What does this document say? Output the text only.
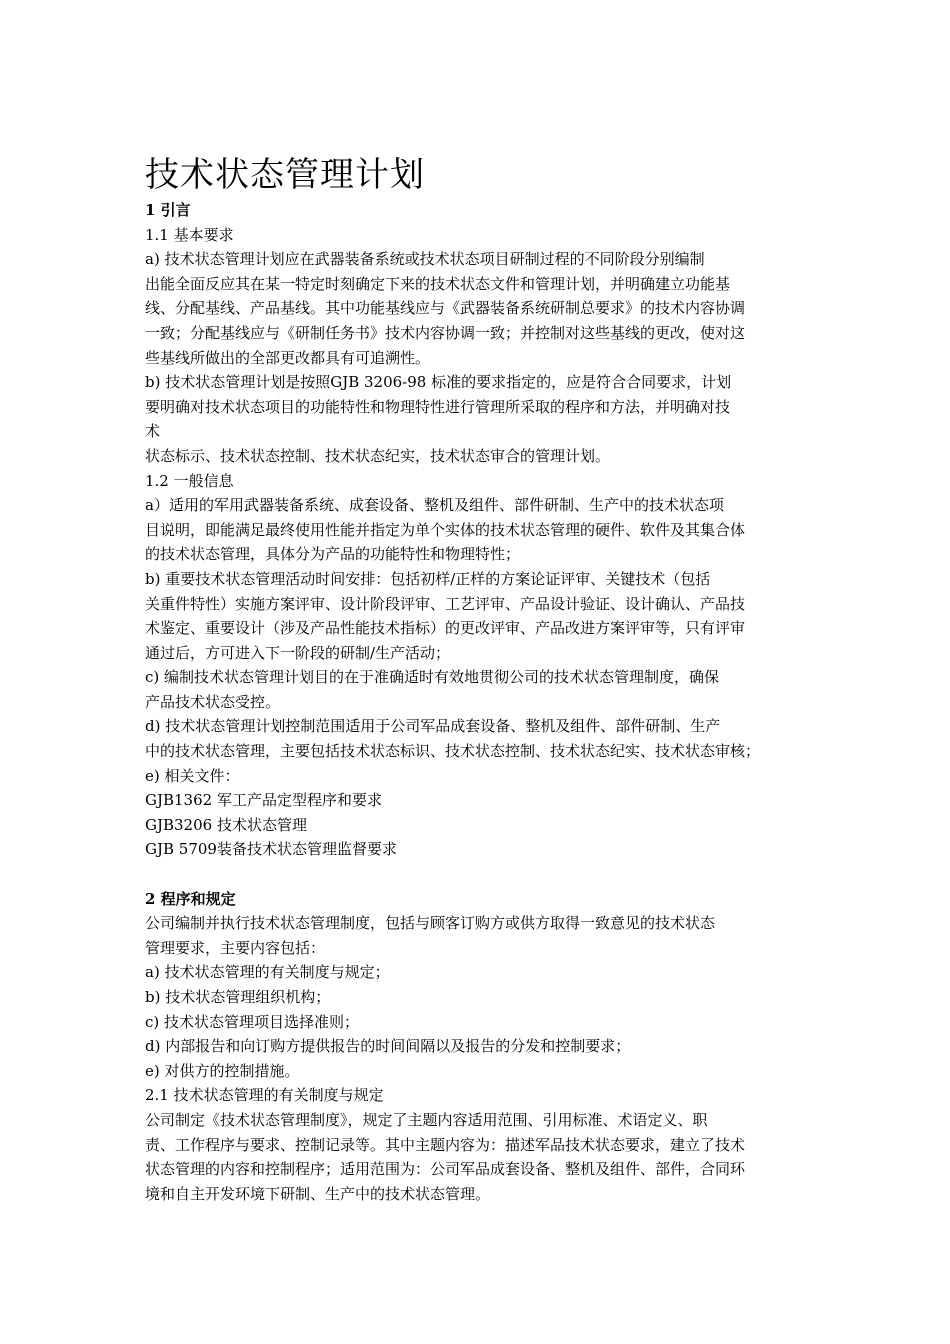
技术状态管理计划
1 引言
1.1 基本要求
a) 技术状态管理计划应在武器装备系统或技术状态项目研制过程的不同阶段分别编制
出能全面反应其在某一特定时刻确定下来的技术状态文件和管理计划，并明确建立功能基
线、分配基线、产品基线。其中功能基线应与《武器装备系统研制总要求》的技术内容协调
一致；分配基线应与《研制任务书》技术内容协调一致；并控制对这些基线的更改，使对这
些基线所做出的全部更改都具有可追溯性。
b) 技术状态管理计划是按照GJB 3206-98 标准的要求指定的，应是符合合同要求，计划
要明确对技术状态项目的功能特性和物理特性进行管理所采取的程序和方法，并明确对技
术
状态标示、技术状态控制、技术状态纪实，技术状态审合的管理计划。
1.2 一般信息
a）适用的军用武器装备系统、成套设备、整机及组件、部件研制、生产中的技术状态项
目说明，即能满足最终使用性能并指定为单个实体的技术状态管理的硬件、软件及其集合体
的技术状态管理，具体分为产品的功能特性和物理特性；
b) 重要技术状态管理活动时间安排：包括初样/正样的方案论证评审、关键技术（包括
关重件特性）实施方案评审、设计阶段评审、工艺评审、产品设计验证、设计确认、产品技
术鉴定、重要设计（涉及产品性能技术指标）的更改评审、产品改进方案评审等，只有评审
通过后，方可进入下一阶段的研制/生产活动；
c) 编制技术状态管理计划目的在于准确适时有效地贯彻公司的技术状态管理制度，确保
产品技术状态受控。
d) 技术状态管理计划控制范围适用于公司军品成套设备、整机及组件、部件研制、生产
中的技术状态管理，主要包括技术状态标识、技术状态控制、技术状态纪实、技术状态审核；
e) 相关文件：
GJB1362 军工产品定型程序和要求
GJB3206 技术状态管理
GJB 5709装备技术状态管理监督要求
2 程序和规定
公司编制并执行技术状态管理制度，包括与顾客订购方或供方取得一致意见的技术状态
管理要求，主要内容包括：
a) 技术状态管理的有关制度与规定；
b) 技术状态管理组织机构；
c) 技术状态管理项目选择准则；
d) 内部报告和向订购方提供报告的时间间隔以及报告的分发和控制要求；
e) 对供方的控制措施。
2.1 技术状态管理的有关制度与规定
公司制定《技术状态管理制度》，规定了主题内容适用范围、引用标准、术语定义、职
责、工作程序与要求、控制记录等。其中主题内容为：描述军品技术状态要求，建立了技术
状态管理的内容和控制程序；适用范围为：公司军品成套设备、整机及组件、部件，合同环
境和自主开发环境下研制、生产中的技术状态管理。
